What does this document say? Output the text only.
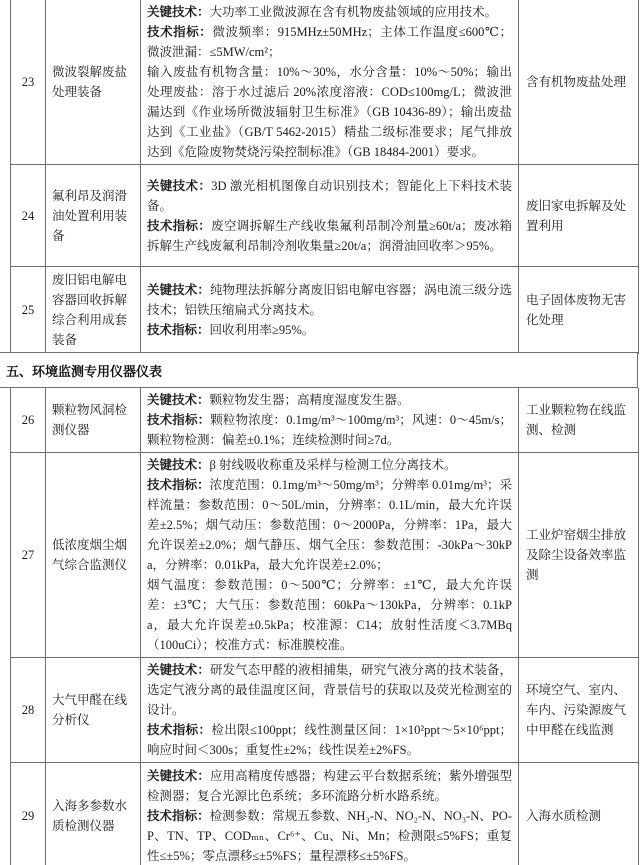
23	微波裂解废盐处理装备	关键技术：大功率工业微波源在含有机物废盐领域的应用技术。

技术指标：微波频率：915MHz±50MHz；主体工作温度≤600℃；微波泄漏：≤5MW/cm²；

输入废盐有机物含量：10%～30%，水分含量：10%～50%；输出处理废盐：溶于水过滤后 20%浓度溶液：COD≤100mg/L；微波泄漏达到《作业场所微波辐射卫生标准》（GB 10436-89）；输出废盐达到《工业盐》（GB/T 5462-2015）精盐二级标准要求；尾气排放达到《危险废物焚烧污染控制标准》（GB 18484-2001）要求。	含有机物废盐处理
24	氟利昂及润滑油处置利用装备	关键技术：3D 激光相机图像自动识别技术；智能化上下料技术装备。

技术指标：废空调拆解生产线收集氟利昂制冷剂量≥60t/a；废冰箱拆解生产线废氟利昂制冷剂收集量≥20t/a；润滑油回收率＞95%。	废旧家电拆解及处置利用
25	废旧铝电解电容器回收拆解综合利用成套装备	关键技术：纯物理法拆解分离废旧铝电解电容器；涡电流三级分选技术；铝铁压缩扁式分离技术。

技术指标：回收利用率≥95%。	电子固体废物无害化处理
五、环境监测专用仪器仪表
26	颗粒物风洞检测仪器	关键技术：颗粒物发生器；高精度湿度发生器。

技术指标：颗粒物浓度：0.1mg/m³～100mg/m³；风速：0～45m/s；颗粒物检测：偏差±0.1%；连续检测时间≥7d。	工业颗粒物在线监测、检测
27	低浓度烟尘烟气综合监测仪	关键技术：β 射线吸收称重及采样与检测工位分离技术。

技术指标：浓度范围：0.1mg/m³～50mg/m³；分辨率 0.01mg/m³；采样流量：参数范围：0～50L/min，分辨率：0.1L/min，最大允许误差±2.5%；烟气动压：参数范围：0～2000Pa，分辨率：1Pa，最大允许误差±2.0%；烟气静压、烟气全压：参数范围：-30kPa～30kPa，分辨率：0.01kPa，最大允许误差±2.0%；

烟气温度：参数范围：0～500℃；分辨率：±1℃，最大允许误差：±3℃；大气压：参数范围：60kPa～130kPa，分辨率：0.1kPa，最大允许误差±0.5kPa；校准源：C14；放射性活度＜3.7MBq（100uCi）；校准方式：标准膜校准。	工业炉窑烟尘排放及除尘设备效率监测
28	大气甲醛在线分析仪	关键技术：研发气态甲醛的液相捕集，研究气液分离的技术装备，选定气液分离的最佳温度区间，背景信号的获取以及荧光检测室的设计。

技术指标：检出限≤100ppt；线性测量区间：1×10²ppt～5×10⁶ppt；响应时间＜300s；重复性±2%；线性误差±2%FS。	环境空气、室内、车内、污染源废气中甲醛在线监测
29	入海多参数水质检测仪器	关键技术：应用高精度传感器；构建云平台数据系统；紫外增强型检测器；复合光源比色系统；多环流路分析水路系统。

技术指标：检测参数：常规五参数、NH₃-N、NO₂-N、NO₃-N、PO-P、TN、TP、CODₘₙ、Cr⁶⁺、Cu、Ni、Mn；检测限≤5%FS；重复性≤±5%；零点漂移≤±5%FS；量程漂移≤±5%FS。	入海水质检测
